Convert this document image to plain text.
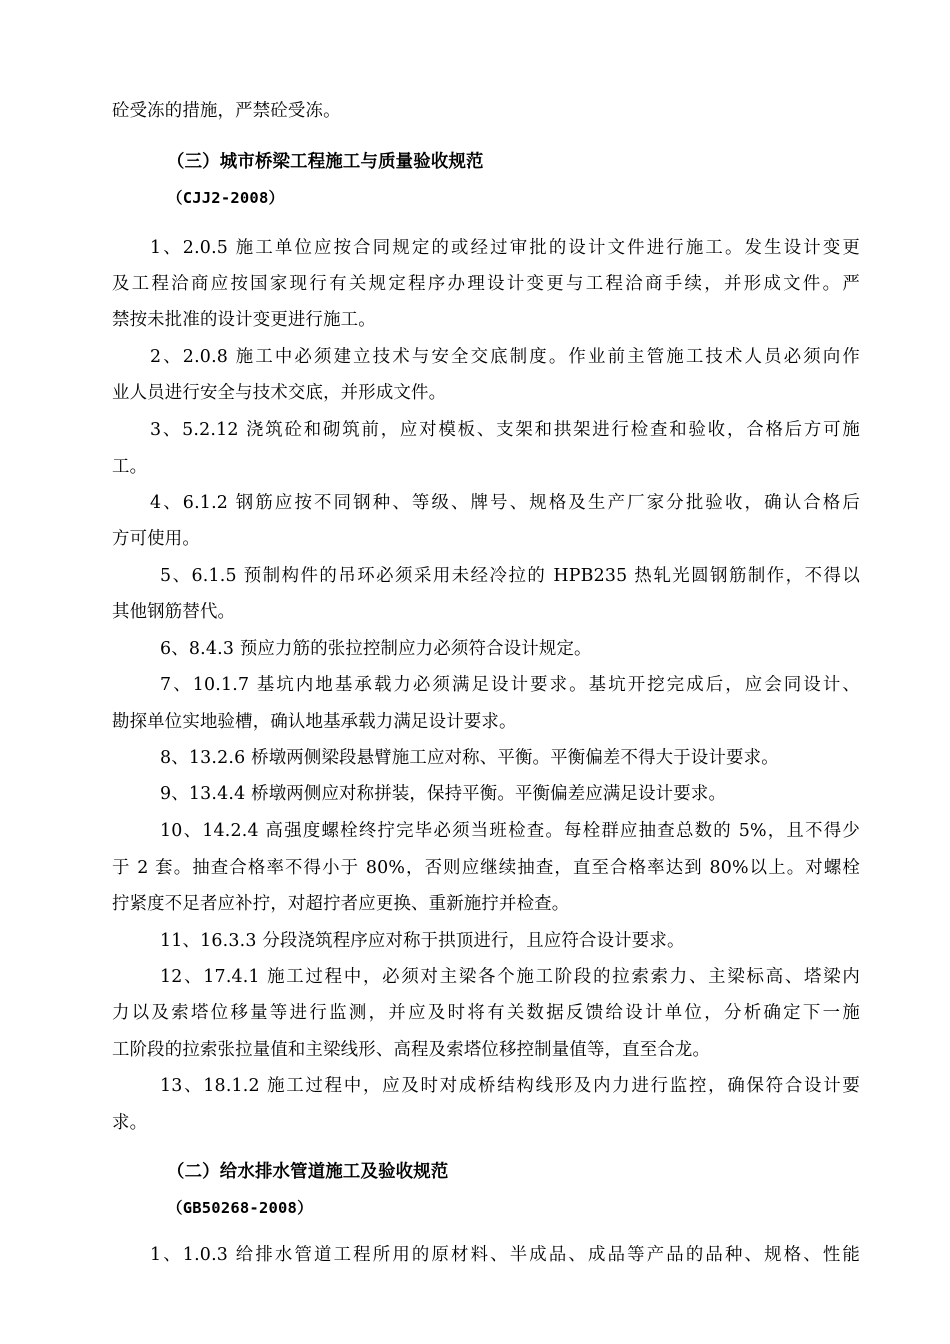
砼受冻的措施，严禁砼受冻。
（三）城市桥梁工程施工与质量验收规范
（CJJ2-2008）
1、2.0.5 施工单位应按合同规定的或经过审批的设计文件进行施工。发生设计变更
及工程洽商应按国家现行有关规定程序办理设计变更与工程洽商手续，并形成文件。严
禁按未批准的设计变更进行施工。
2、2.0.8 施工中必须建立技术与安全交底制度。作业前主管施工技术人员必须向作
业人员进行安全与技术交底，并形成文件。
3、5.2.12 浇筑砼和砌筑前，应对模板、支架和拱架进行检查和验收，合格后方可施
工。
4、6.1.2 钢筋应按不同钢种、等级、牌号、规格及生产厂家分批验收，确认合格后
方可使用。
5、6.1.5 预制构件的吊环必须采用未经冷拉的 HPB235 热轧光圆钢筋制作，不得以
其他钢筋替代。
6、8.4.3 预应力筋的张拉控制应力必须符合设计规定。
7、10.1.7 基坑内地基承载力必须满足设计要求。基坑开挖完成后，应会同设计、
勘探单位实地验槽，确认地基承载力满足设计要求。
8、13.2.6 桥墩两侧梁段悬臂施工应对称、平衡。平衡偏差不得大于设计要求。
9、13.4.4 桥墩两侧应对称拼装，保持平衡。平衡偏差应满足设计要求。
10、14.2.4 高强度螺栓终拧完毕必须当班检查。每栓群应抽查总数的 5%，且不得少
于 2 套。抽查合格率不得小于 80%，否则应继续抽查，直至合格率达到 80%以上。对螺栓
拧紧度不足者应补拧，对超拧者应更换、重新施拧并检查。
11、16.3.3 分段浇筑程序应对称于拱顶进行，且应符合设计要求。
12、17.4.1 施工过程中，必须对主梁各个施工阶段的拉索索力、主梁标高、塔梁内
力以及索塔位移量等进行监测，并应及时将有关数据反馈给设计单位，分析确定下一施
工阶段的拉索张拉量值和主梁线形、高程及索塔位移控制量值等，直至合龙。
13、18.1.2 施工过程中，应及时对成桥结构线形及内力进行监控，确保符合设计要
求。
（二）给水排水管道施工及验收规范
（GB50268-2008）
1、1.0.3 给排水管道工程所用的原材料、半成品、成品等产品的品种、规格、性能
